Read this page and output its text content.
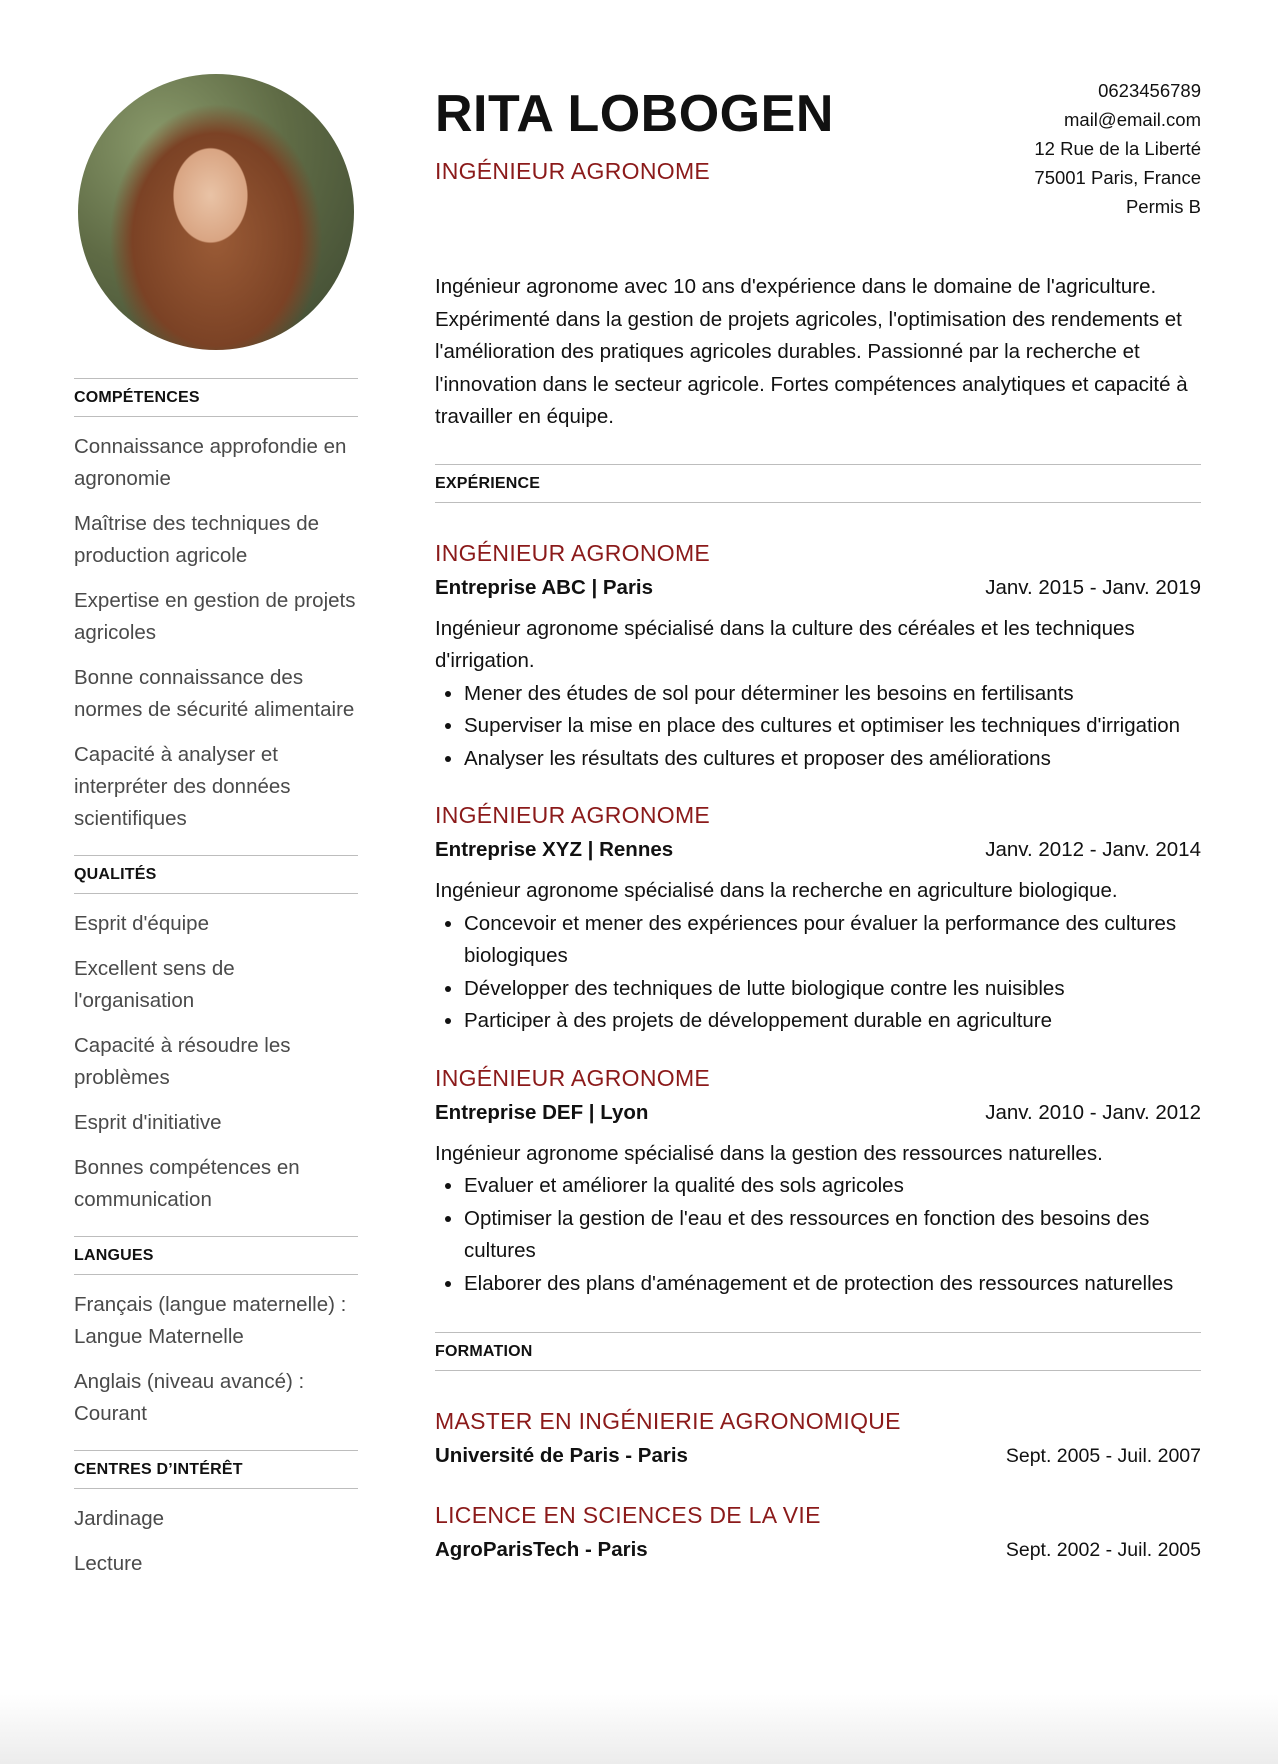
COMPÉTENCES
Connaissance approfondie en agronomie
Maîtrise des techniques de production agricole
Expertise en gestion de projets agricoles
Bonne connaissance des normes de sécurité alimentaire
Capacité à analyser et interpréter des données scientifiques
QUALITÉS
Esprit d'équipe
Excellent sens de l'organisation
Capacité à résoudre les problèmes
Esprit d'initiative
Bonnes compétences en communication
LANGUES
Français (langue maternelle) : Langue Maternelle
Anglais (niveau avancé) : Courant
CENTRES D’INTÉRÊT
Jardinage
Lecture
0623456789
mail@email.com
12 Rue de la Liberté
75001 Paris, France
Permis B
RITA LOBOGEN
INGÉNIEUR AGRONOME

Ingénieur agronome avec 10 ans d'expérience dans le domaine de l'agriculture. Expérimenté dans la gestion de projets agricoles, l'optimisation des rendements et l'amélioration des pratiques agricoles durables. Passionné par la recherche et l'innovation dans le secteur agricole. Fortes compétences analytiques et capacité à travailler en équipe.

EXPÉRIENCE
INGÉNIEUR AGRONOME
Entreprise ABC | Paris	Janv. 2015 - Janv. 2019
Ingénieur agronome spécialisé dans la culture des céréales et les techniques d'irrigation.
• Mener des études de sol pour déterminer les besoins en fertilisants
• Superviser la mise en place des cultures et optimiser les techniques d'irrigation
• Analyser les résultats des cultures et proposer des améliorations
INGÉNIEUR AGRONOME
Entreprise XYZ | Rennes	Janv. 2012 - Janv. 2014
Ingénieur agronome spécialisé dans la recherche en agriculture biologique.
• Concevoir et mener des expériences pour évaluer la performance des cultures biologiques
• Développer des techniques de lutte biologique contre les nuisibles
• Participer à des projets de développement durable en agriculture
INGÉNIEUR AGRONOME
Entreprise DEF | Lyon	Janv. 2010 - Janv. 2012
Ingénieur agronome spécialisé dans la gestion des ressources naturelles.
• Evaluer et améliorer la qualité des sols agricoles
• Optimiser la gestion de l'eau et des ressources en fonction des besoins des cultures
• Elaborer des plans d'aménagement et de protection des ressources naturelles
FORMATION
MASTER EN INGÉNIERIE AGRONOMIQUE
Université de Paris - Paris	Sept. 2005 - Juil. 2007
LICENCE EN SCIENCES DE LA VIE
AgroParisTech - Paris	Sept. 2002 - Juil. 2005
